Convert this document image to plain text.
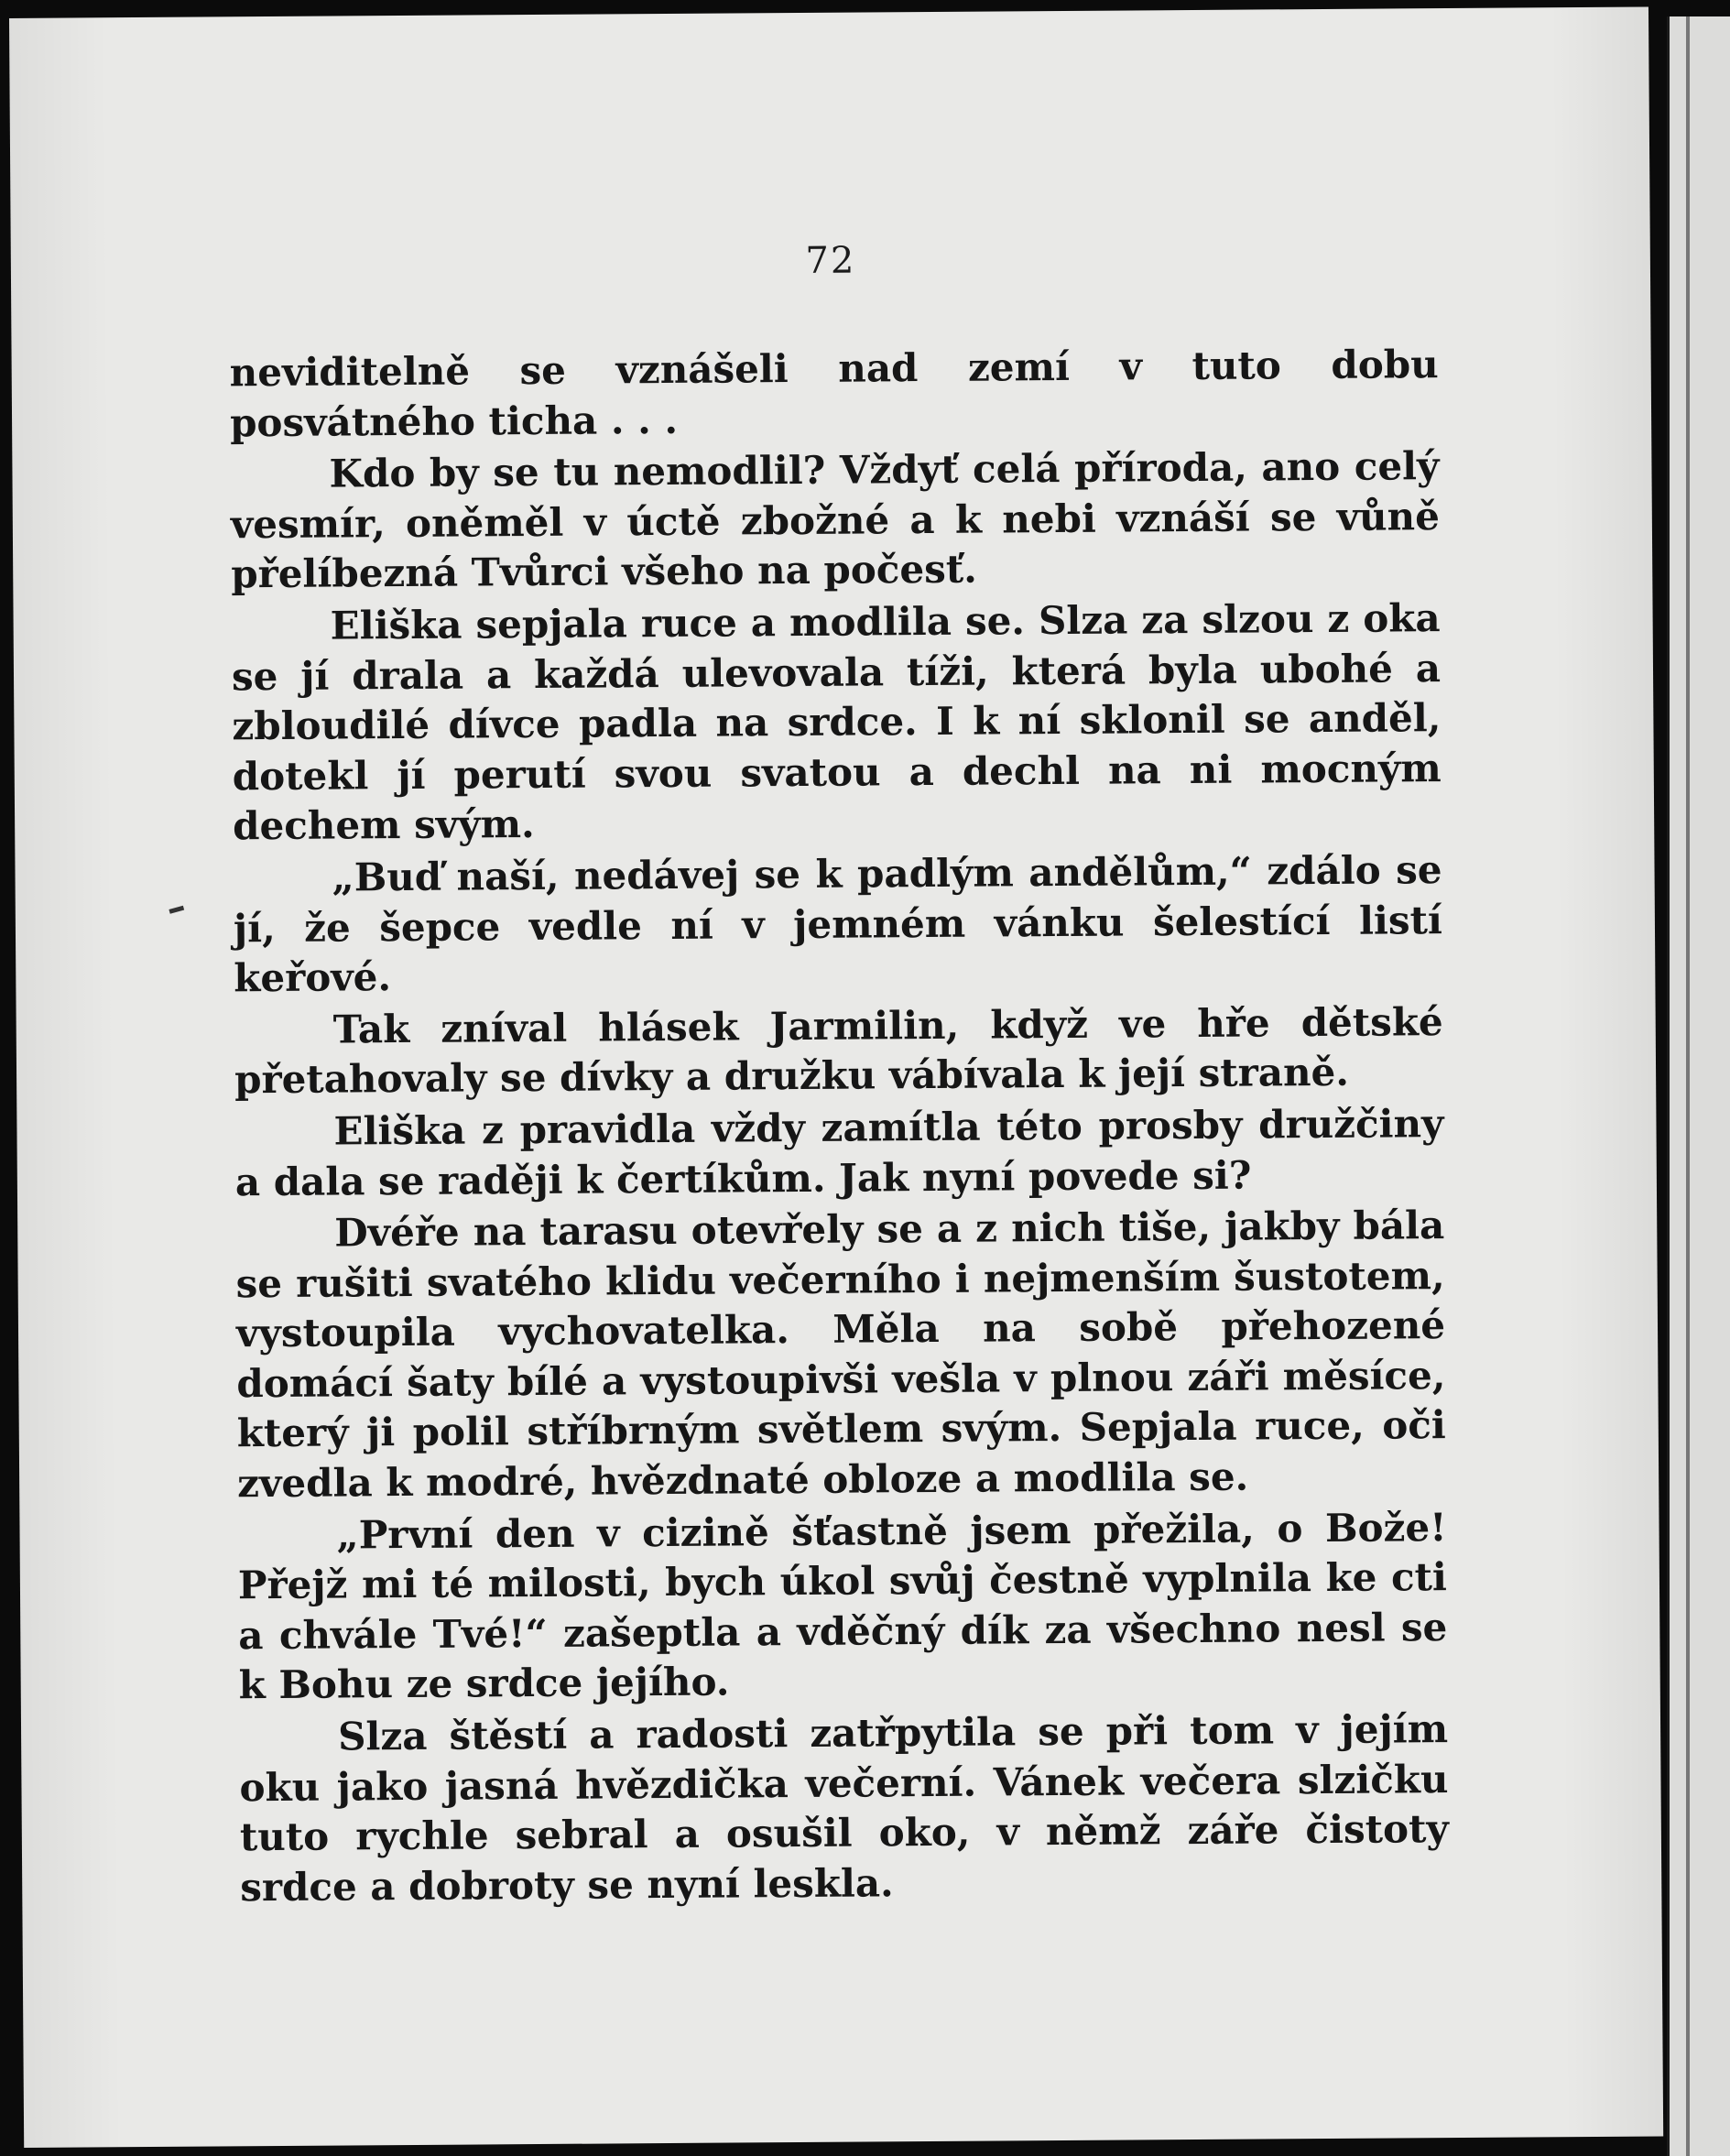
72

neviditelně se vznášeli nad zemí v tuto dobu posvátného ticha . . .

Kdo by se tu nemodlil? Vždyť celá příroda, ano celý vesmír, oněměl v úctě zbožné a k nebi vznáší se vůně přelíbezná Tvůrci všeho na počesť.

Eliška sepjala ruce a modlila se. Slza za slzou z oka se jí drala a každá ulevovala tíži, která byla ubohé a zbloudilé dívce padla na srdce. I k ní sklonil se anděl, dotekl jí perutí svou svatou a dechl na ni mocným dechem svým.

„Buď naší, nedávej se k padlým andělům,“ zdálo se jí, že šepce vedle ní v jemném vánku šelestící listí keřové.

Tak zníval hlásek Jarmilin, když ve hře dětské přetahovaly se dívky a družku vábívala k její straně.

Eliška z pravidla vždy zamítla této prosby družčiny a dala se raději k čertíkům. Jak nyní povede si?

Dvéře na tarasu otevřely se a z nich tiše, jakby bála se rušiti svatého klidu večerního i nejmenším šustotem, vystoupila vychovatelka. Měla na sobě přehozené domácí šaty bílé a vystoupivši vešla v plnou záři měsíce, který ji polil stříbrným světlem svým. Sepjala ruce, oči zvedla k modré, hvězdnaté obloze a modlila se.

„První den v cizině šťastně jsem přežila, o Bože! Přejž mi té milosti, bych úkol svůj čestně vyplnila ke cti a chvále Tvé!“ zašeptla a vděčný dík za všechno nesl se k Bohu ze srdce jejího.

Slza štěstí a radosti zatřpytila se při tom v jejím oku jako jasná hvězdička večerní. Vánek večera slzičku tuto rychle sebral a osušil oko, v němž záře čistoty srdce a dobroty se nyní leskla.
